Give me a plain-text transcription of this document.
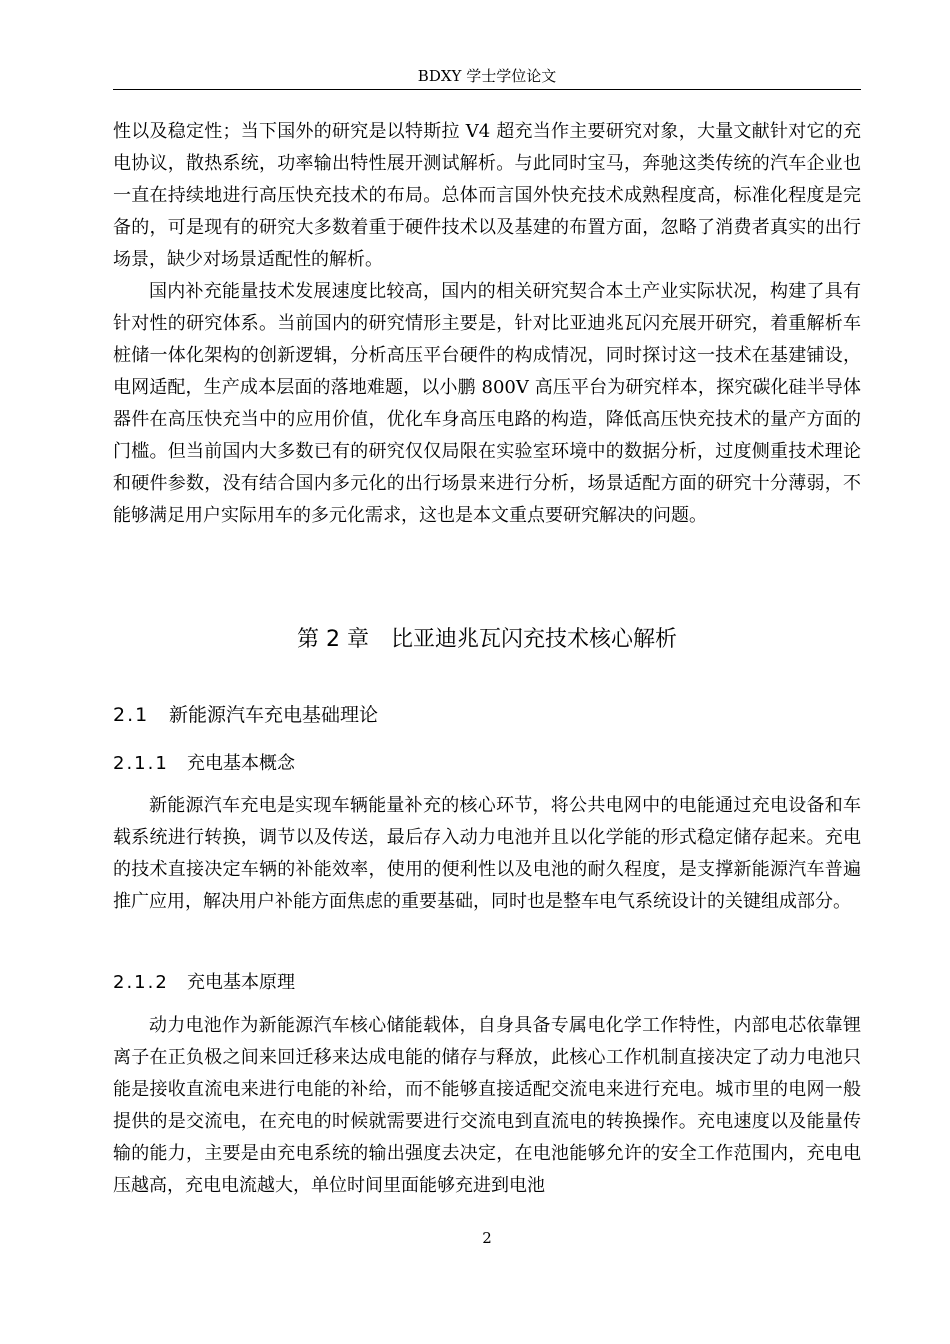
BDXY 学士学位论文

性以及稳定性；当下国外的研究是以特斯拉 V4 超充当作主要研究对象，大量文献针对它的充电协议，散热系统，功率输出特性展开测试解析。与此同时宝马，奔驰这类传统的汽车企业也一直在持续地进行高压快充技术的布局。总体而言国外快充技术成熟程度高，标准化程度是完备的，可是现有的研究大多数着重于硬件技术以及基建的布置方面，忽略了消费者真实的出行场景，缺少对场景适配性的解析。

国内补充能量技术发展速度比较高，国内的相关研究契合本土产业实际状况，构建了具有针对性的研究体系。当前国内的研究情形主要是，针对比亚迪兆瓦闪充展开研究，着重解析车桩储一体化架构的创新逻辑，分析高压平台硬件的构成情况，同时探讨这一技术在基建铺设，电网适配，生产成本层面的落地难题，以小鹏 800V 高压平台为研究样本，探究碳化硅半导体器件在高压快充当中的应用价值，优化车身高压电路的构造，降低高压快充技术的量产方面的门槛。但当前国内大多数已有的研究仅仅局限在实验室环境中的数据分析，过度侧重技术理论和硬件参数，没有结合国内多元化的出行场景来进行分析，场景适配方面的研究十分薄弱，不能够满足用户实际用车的多元化需求，这也是本文重点要研究解决的问题。

第 2 章 比亚迪兆瓦闪充技术核心解析
2.1 新能源汽车充电基础理论
2.1.1 充电基本概念

新能源汽车充电是实现车辆能量补充的核心环节，将公共电网中的电能通过充电设备和车载系统进行转换，调节以及传送，最后存入动力电池并且以化学能的形式稳定储存起来。充电的技术直接决定车辆的补能效率，使用的便利性以及电池的耐久程度，是支撑新能源汽车普遍推广应用，解决用户补能方面焦虑的重要基础，同时也是整车电气系统设计的关键组成部分。

2.1.2 充电基本原理

动力电池作为新能源汽车核心储能载体，自身具备专属电化学工作特性，内部电芯依靠锂离子在正负极之间来回迁移来达成电能的储存与释放，此核心工作机制直接决定了动力电池只能是接收直流电来进行电能的补给，而不能够直接适配交流电来进行充电。城市里的电网一般提供的是交流电，在充电的时候就需要进行交流电到直流电的转换操作。充电速度以及能量传输的能力，主要是由充电系统的输出强度去决定，在电池能够允许的安全工作范围内，充电电压越高，充电电流越大，单位时间里面能够充进到电池

2
